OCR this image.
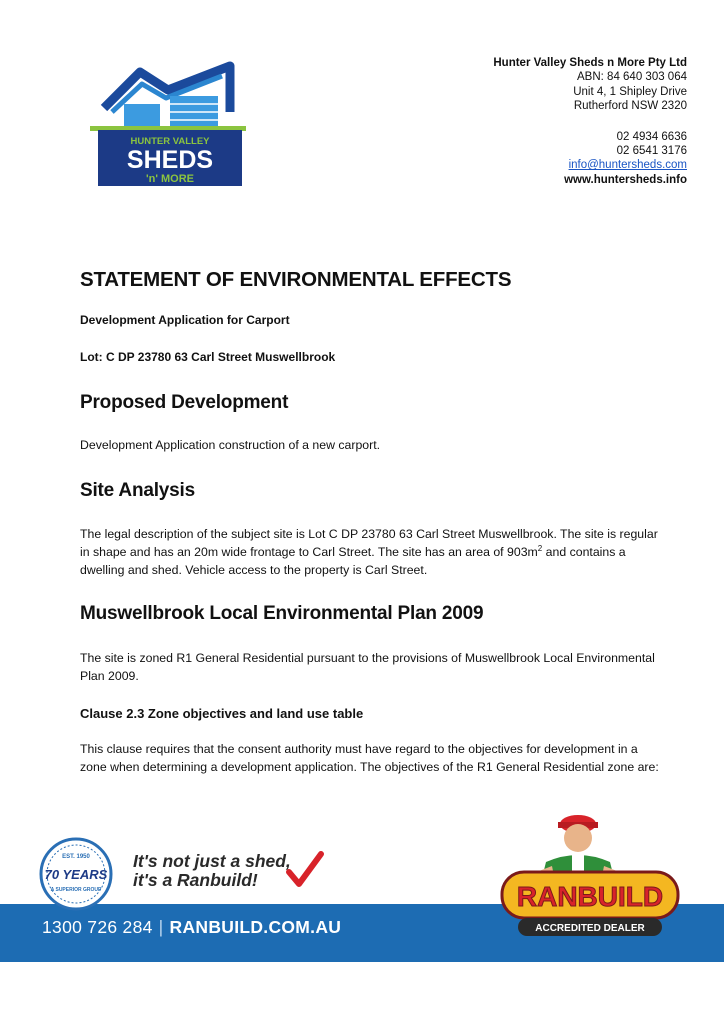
HUNTER VALLEY
SHEDS
'n' MORE
Hunter Valley Sheds n More Pty Ltd
ABN: 84 640 303 064
Unit 4, 1 Shipley Drive
Rutherford NSW 2320
02 4934 6636
02 6541 3176
info@huntersheds.com
www.huntersheds.info
STATEMENT OF ENVIRONMENTAL EFFECTS

Development Application for Carport

Lot: C DP 23780 63 Carl Street Muswellbrook

Proposed Development

Development Application construction of a new carport.

Site Analysis

The legal description of the subject site is Lot C DP 23780 63 Carl Street Muswellbrook. The site is regular in shape and has an 20m wide frontage to Carl Street. The site has an area of $903m^2$ and contains a dwelling and shed. Vehicle access to the property is Carl Street.

Muswellbrook Local Environmental Plan 2009

The site is zoned R1 General Residential pursuant to the provisions of Muswellbrook Local Environmental Plan 2009.

Clause 2.3 Zone objectives and land use table

This clause requires that the consent authority must have regard to the objectives for development in a zone when determining a development application. The objectives of the R1 General Residential zone are:

1300 726 284 | RANBUILD.COM.AU
EST. 1950
70 YEARS
A SUPERIOR GROUP
It's not just a shed,
it's a Ranbuild!
RANBUILD
ACCREDITED DEALER
